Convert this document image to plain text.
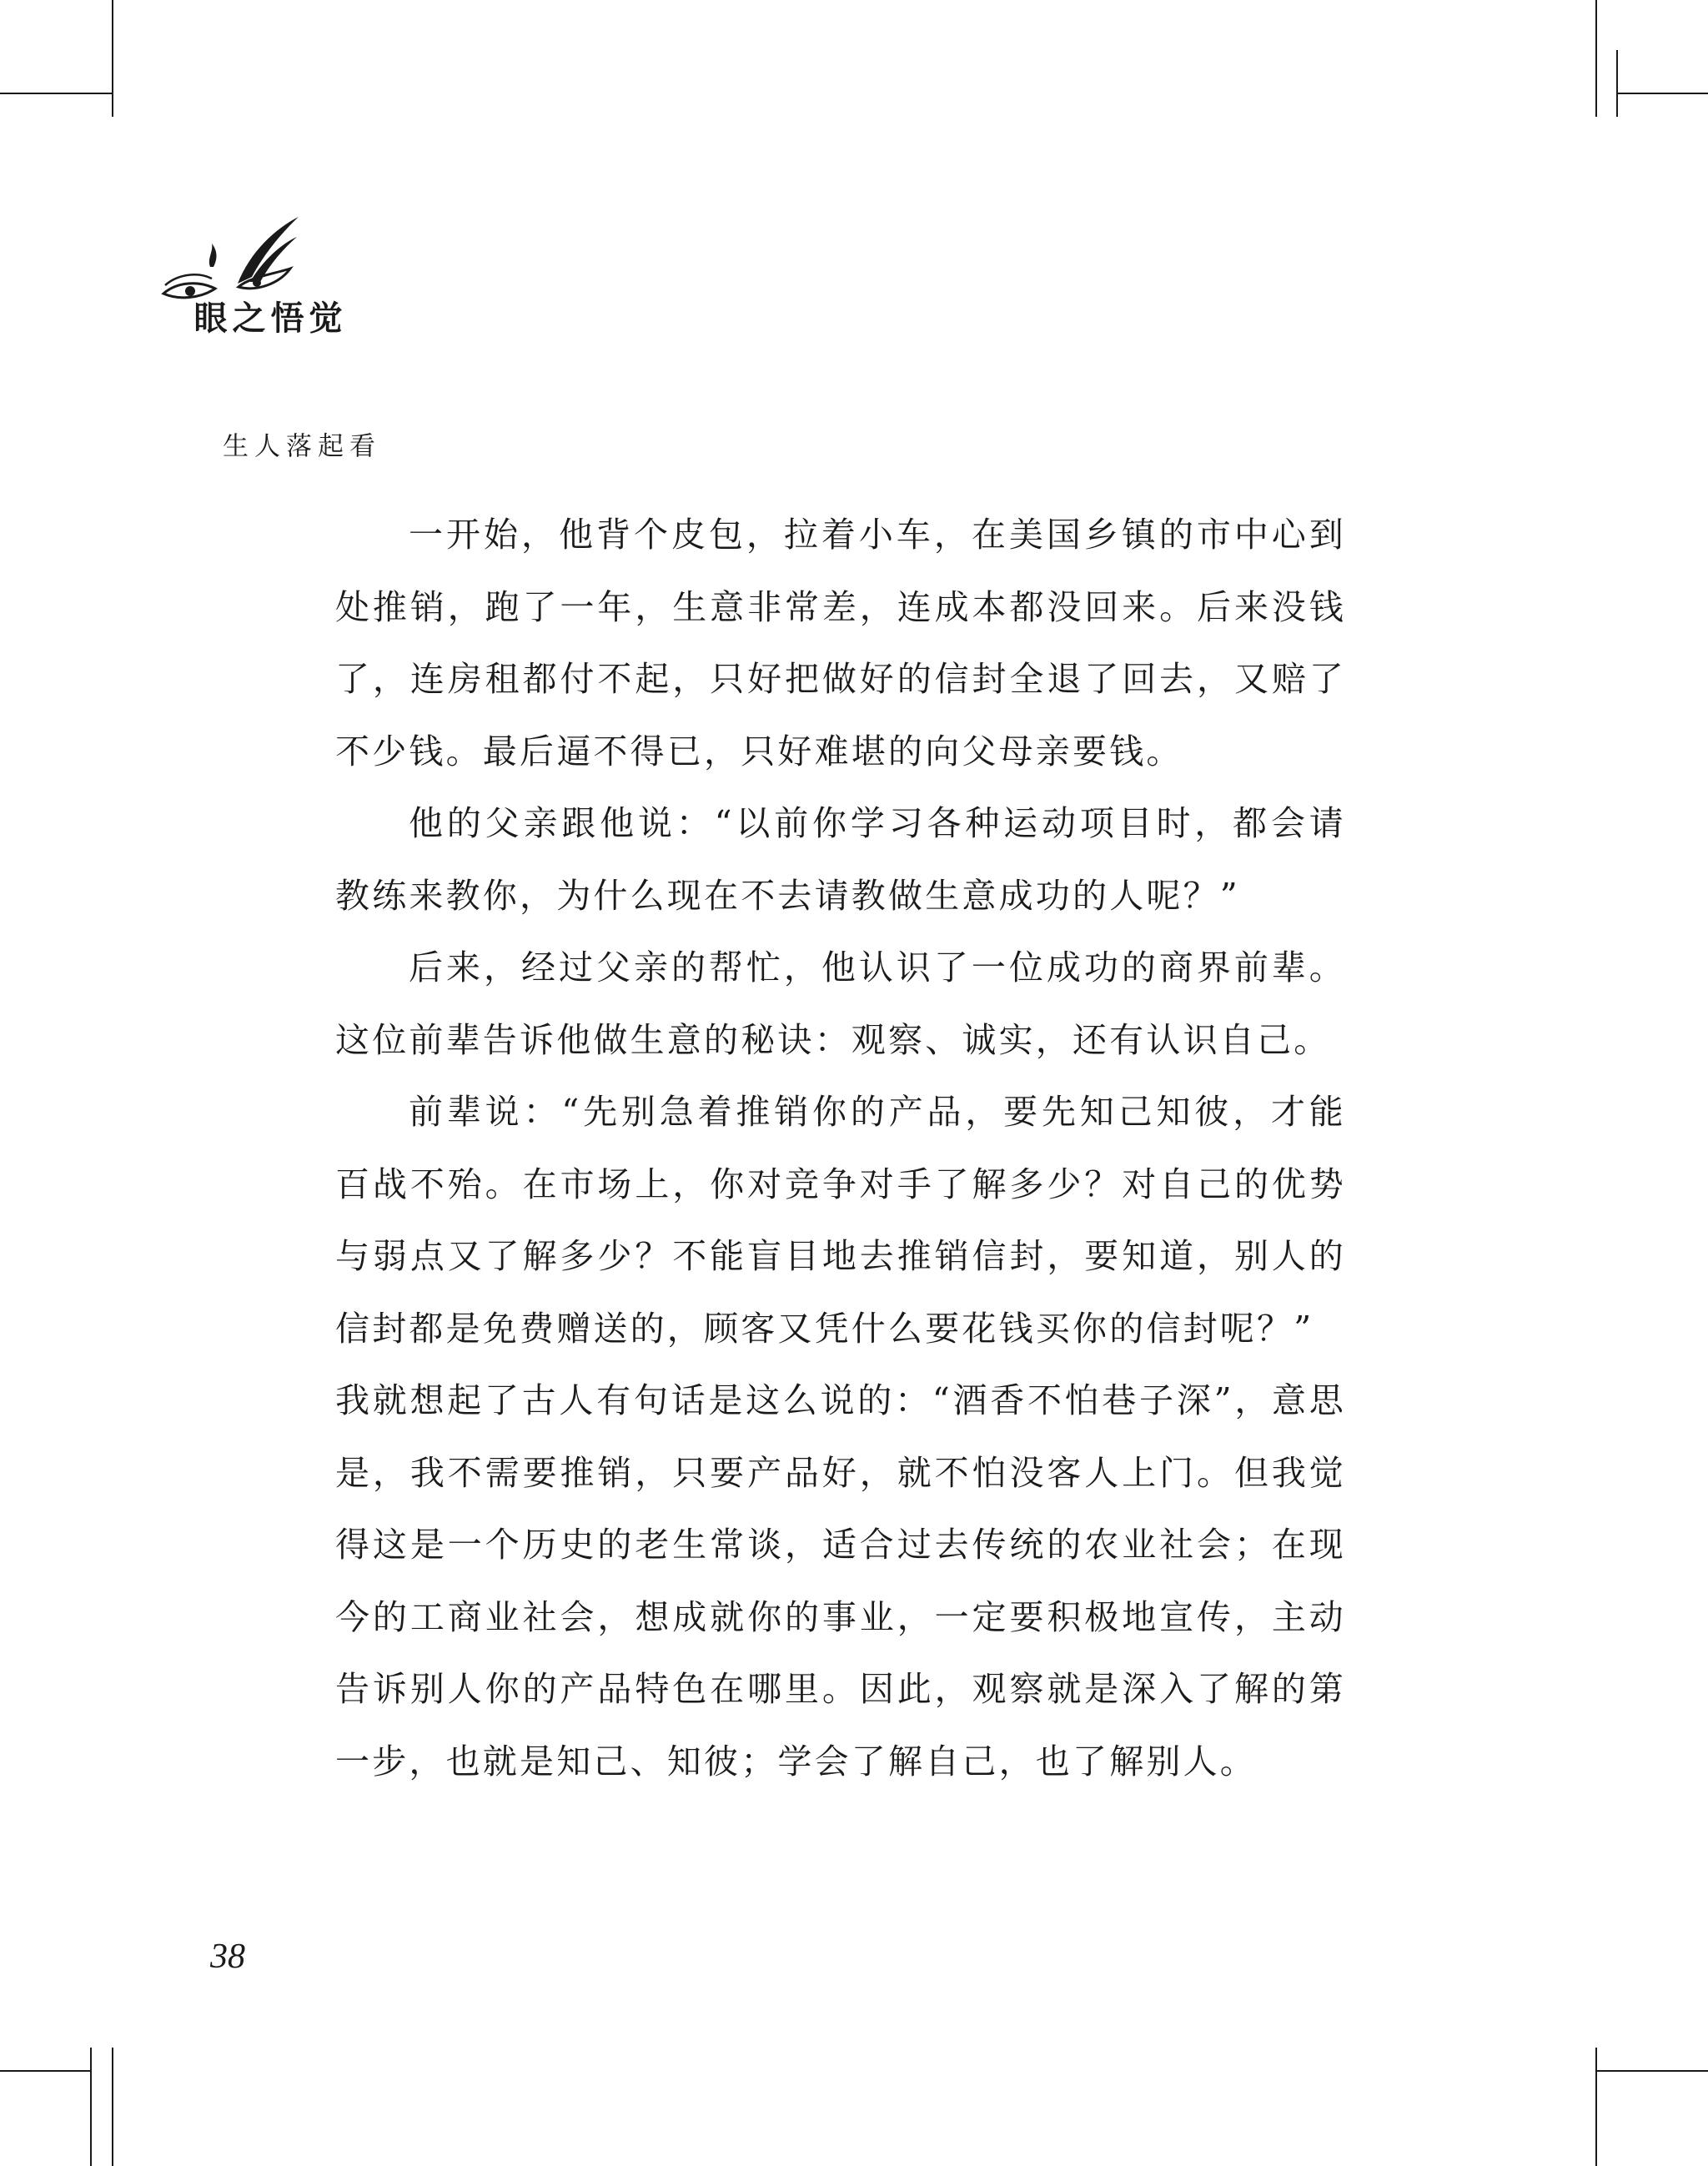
觉悟之眼
看起落人生

一开始，他背个皮包，拉着小车，在美国乡镇的市中心到处推销，跑了一年，生意非常差，连成本都没回来。后来没钱了，连房租都付不起，只好把做好的信封全退了回去，又赔了不少钱。最后逼不得已，只好难堪的向父母亲要钱。

他的父亲跟他说：“以前你学习各种运动项目时，都会请教练来教你，为什么现在不去请教做生意成功的人呢？”

后来，经过父亲的帮忙，他认识了一位成功的商界前辈。这位前辈告诉他做生意的秘诀：观察、诚实，还有认识自己。

前辈说：“先别急着推销你的产品，要先知己知彼，才能百战不殆。在市场上，你对竞争对手了解多少？对自己的优势与弱点又了解多少？不能盲目地去推销信封，要知道，别人的信封都是免费赠送的，顾客又凭什么要花钱买你的信封呢？”

我就想起了古人有句话是这么说的：“酒香不怕巷子深”，意思是，我不需要推销，只要产品好，就不怕没客人上门。但我觉得这是一个历史的老生常谈，适合过去传统的农业社会；在现今的工商业社会，想成就你的事业，一定要积极地宣传，主动告诉别人你的产品特色在哪里。因此，观察就是深入了解的第一步，也就是知己、知彼；学会了解自己，也了解别人。

38
